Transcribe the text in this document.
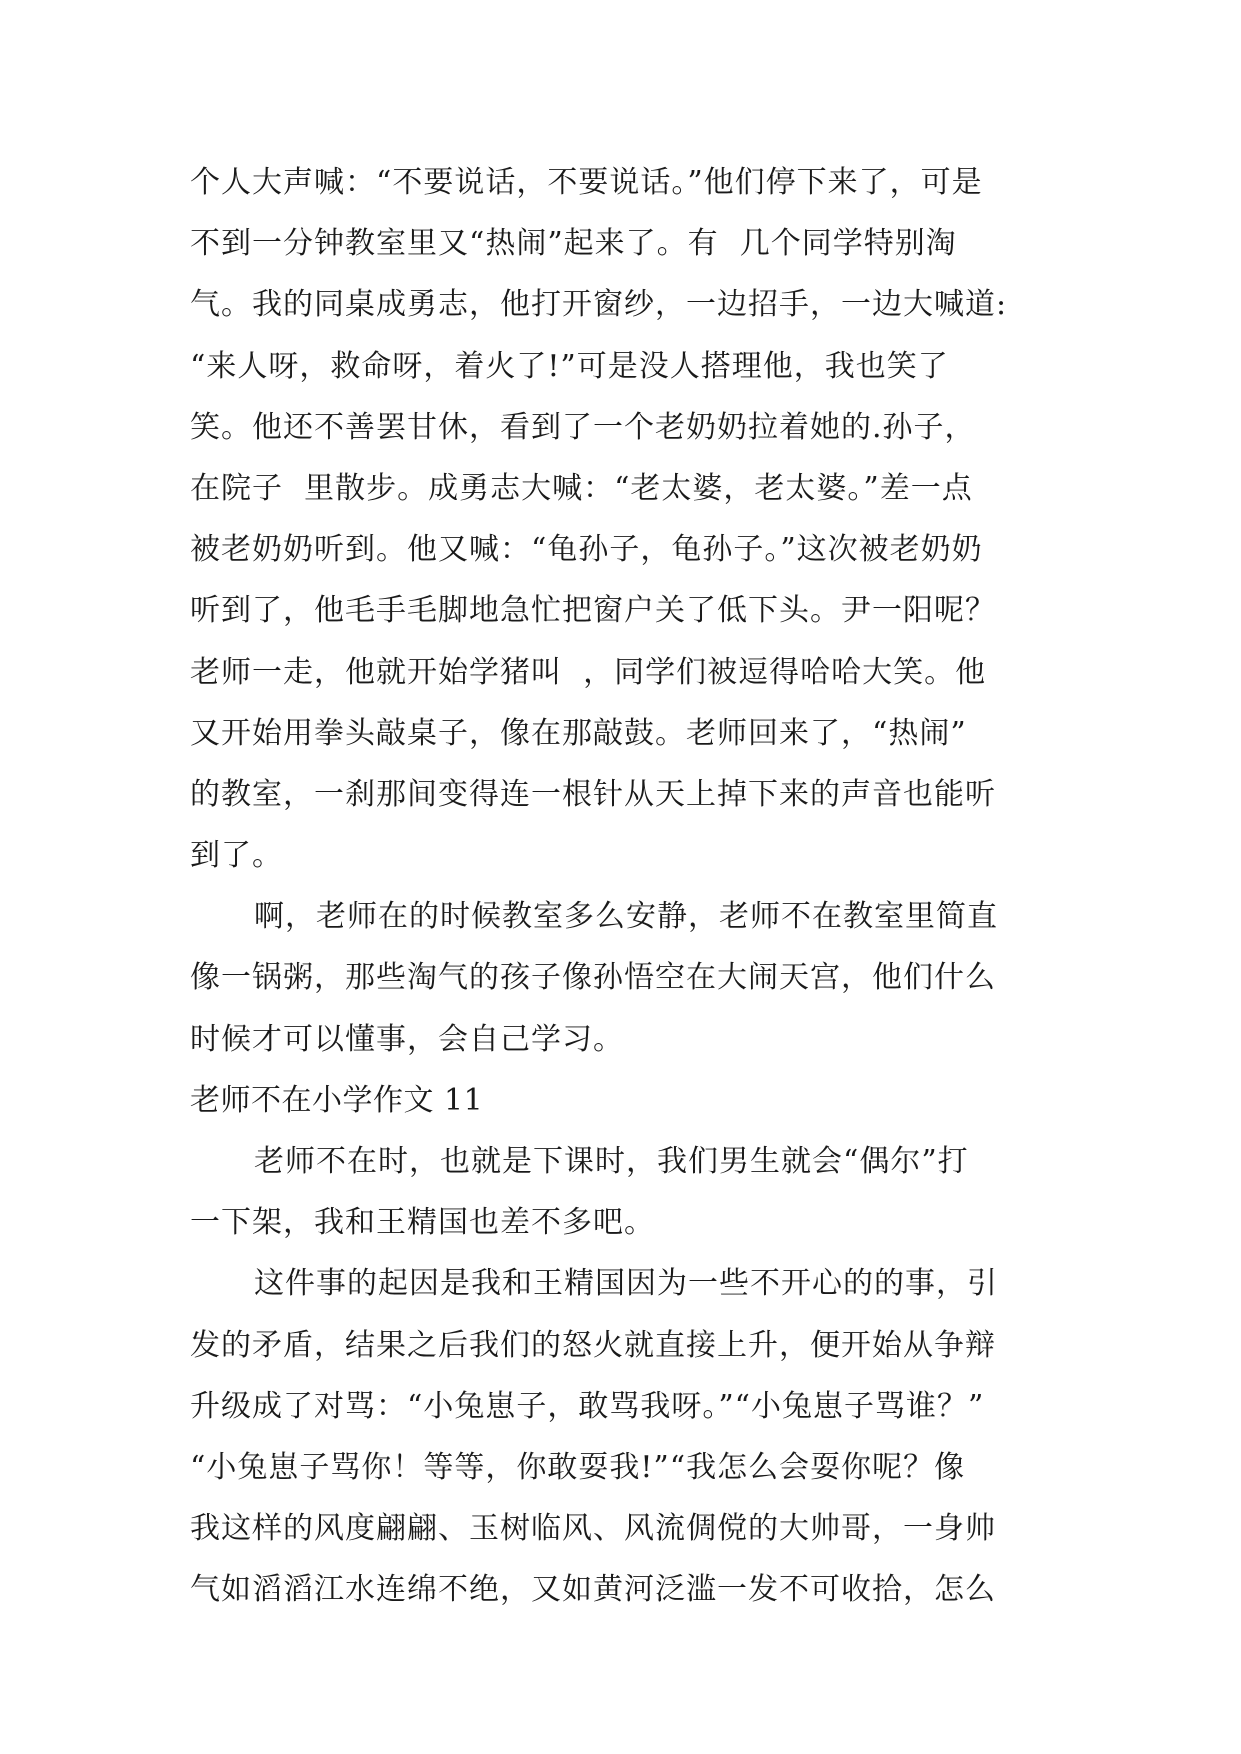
个人大声喊：“不要说话，不要说话。”他们停下来了，可是
不到一分钟教室里又“热闹”起来了。有  几个同学特别淘
气。我的同桌成勇志，他打开窗纱，一边招手，一边大喊道:
“来人呀，救命呀，着火了!”可是没人搭理他，我也笑了
笑。他还不善罢甘休，看到了一个老奶奶拉着她的.孙子，
在院子  里散步。成勇志大喊：“老太婆，老太婆。”差一点
被老奶奶听到。他又喊：“龟孙子，龟孙子。”这次被老奶奶
听到了，他毛手毛脚地急忙把窗户关了低下头。尹一阳呢？
老师一走，他就开始学猪叫  ，同学们被逗得哈哈大笑。他
又开始用拳头敲桌子，像在那敲鼓。老师回来了，“热闹”
的教室，一刹那间变得连一根针从天上掉下来的声音也能听
到了。
啊，老师在的时候教室多么安静，老师不在教室里简直
像一锅粥，那些淘气的孩子像孙悟空在大闹天宫，他们什么
时候才可以懂事，会自己学习。
老师不在小学作文 11
老师不在时，也就是下课时，我们男生就会“偶尔”打
一下架，我和王精国也差不多吧。
这件事的起因是我和王精国因为一些不开心的的事，引
发的矛盾，结果之后我们的怒火就直接上升，便开始从争辩
升级成了对骂：“小兔崽子，敢骂我呀。”“小兔崽子骂谁？”
“小兔崽子骂你！等等，你敢耍我!”“我怎么会耍你呢？像
我这样的风度翩翩、玉树临风、风流倜傥的大帅哥，一身帅
气如滔滔江水连绵不绝，又如黄河泛滥一发不可收拾，怎么
